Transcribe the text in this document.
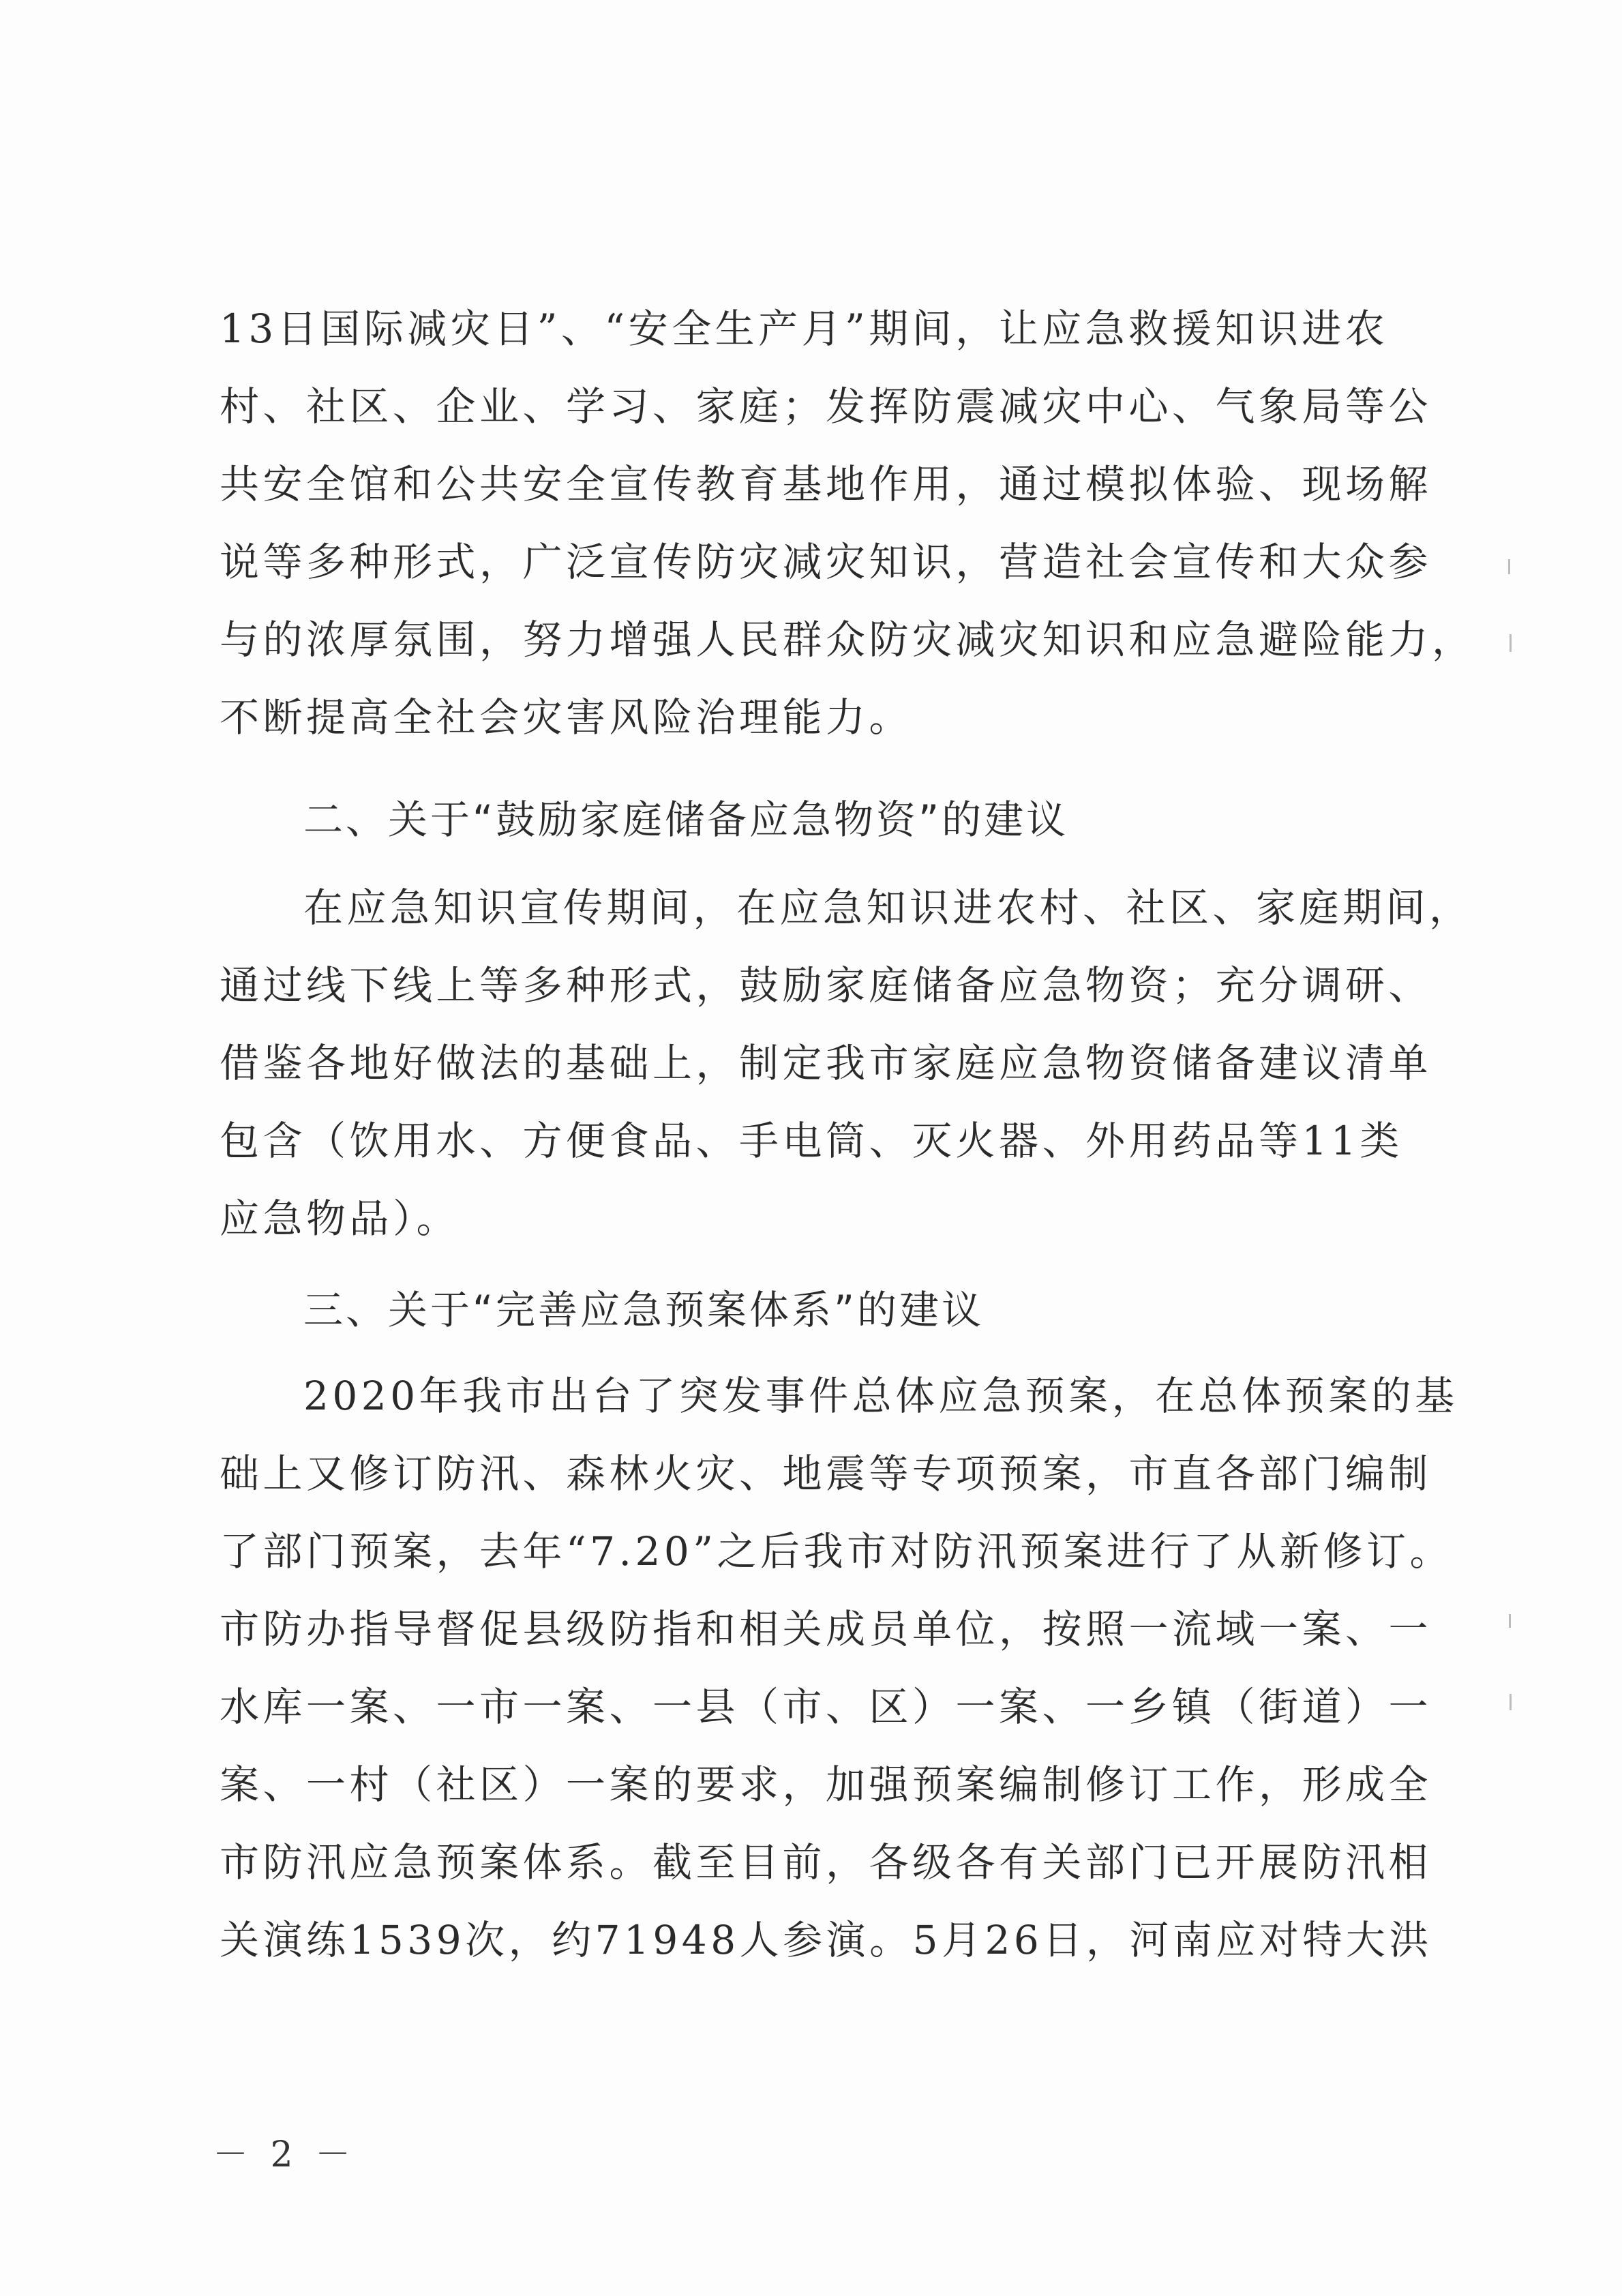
13日国际减灾日”、“安全生产月”期间，让应急救援知识进农
村、社区、企业、学习、家庭；发挥防震减灾中心、气象局等公
共安全馆和公共安全宣传教育基地作用，通过模拟体验、现场解
说等多种形式，广泛宣传防灾减灾知识，营造社会宣传和大众参
与的浓厚氛围，努力增强人民群众防灾减灾知识和应急避险能力，
不断提高全社会灾害风险治理能力。
二、关于“鼓励家庭储备应急物资”的建议
在应急知识宣传期间，在应急知识进农村、社区、家庭期间，
通过线下线上等多种形式，鼓励家庭储备应急物资；充分调研、
借鉴各地好做法的基础上，制定我市家庭应急物资储备建议清单
包含（饮用水、方便食品、手电筒、灭火器、外用药品等11类
应急物品）。
三、关于“完善应急预案体系”的建议
2020年我市出台了突发事件总体应急预案，在总体预案的基
础上又修订防汛、森林火灾、地震等专项预案，市直各部门编制
了部门预案，去年“7.20”之后我市对防汛预案进行了从新修订。
市防办指导督促县级防指和相关成员单位，按照一流域一案、一
水库一案、一市一案、一县（市、区）一案、一乡镇（街道）一
案、一村（社区）一案的要求，加强预案编制修订工作，形成全
市防汛应急预案体系。截至目前，各级各有关部门已开展防汛相
关演练1539次，约71948人参演。5月26日，河南应对特大洪
－ 2 －
